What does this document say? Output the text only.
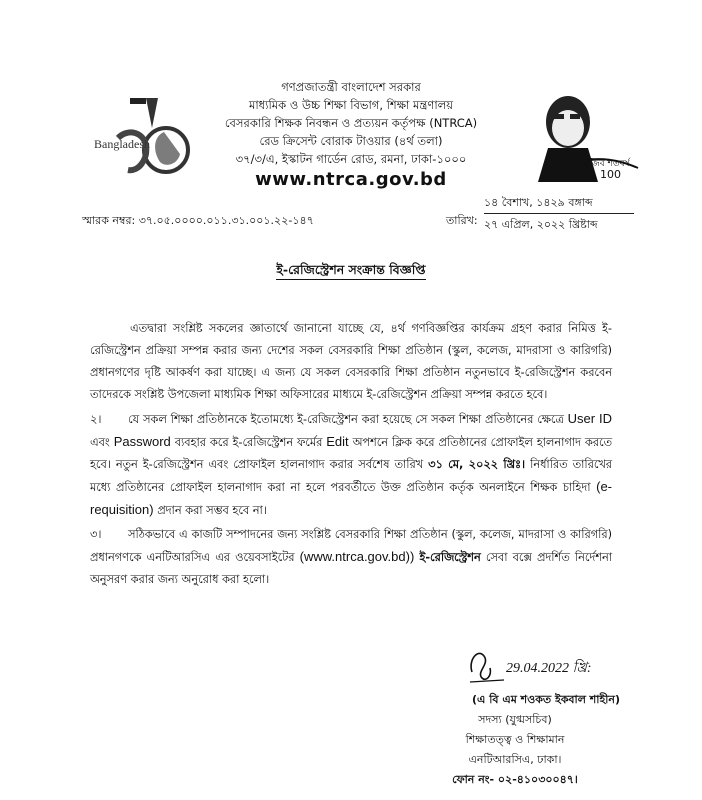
Bangladesh
100
মুজিব শতবর্ষ
গণপ্রজাতন্ত্রী বাংলাদেশ সরকার
মাধ্যমিক ও উচ্চ শিক্ষা বিভাগ, শিক্ষা মন্ত্রণালয়
বেসরকারি শিক্ষক নিবন্ধন ও প্রত্যয়ন কর্তৃপক্ষ (NTRCA)
রেড ক্রিসেন্ট বোরাক টাওয়ার (৪র্থ তলা)
৩৭/৩/এ, ইস্কাটন গার্ডেন রোড, রমনা, ঢাকা-১০০০
www.ntrca.gov.bd
স্মারক নম্বর: ৩৭.০৫.০০০০.০১১.৩১.০০১.২২-১৪৭	তারিখ:
১৪ বৈশাখ, ১৪২৯ বঙ্গাব্দ
২৭ এপ্রিল, ২০২২ খ্রিষ্টাব্দ
ই-রেজিস্ট্রেশন সংক্রান্ত বিজ্ঞপ্তি

এতদ্বারা সংশ্লিষ্ট সকলের জ্ঞাতার্থে জানানো যাচ্ছে যে, ৪র্থ গণবিজ্ঞপ্তির কার্যক্রম গ্রহণ করার নিমিত্ত ই-রেজিস্ট্রেশন প্রক্রিয়া সম্পন্ন করার জন্য দেশের সকল বেসরকারি শিক্ষা প্রতিষ্ঠান (স্কুল, কলেজ, মাদরাসা ও কারিগরি) প্রধানগণের দৃষ্টি আকর্ষণ করা যাচ্ছে। এ জন্য যে সকল বেসরকারি শিক্ষা প্রতিষ্ঠান নতুনভাবে ই-রেজিস্ট্রেশন করবেন তাদেরকে সংশ্লিষ্ট উপজেলা মাধ্যমিক শিক্ষা অফিসারের মাধ্যমে ই-রেজিস্ট্রেশন প্রক্রিয়া সম্পন্ন করতে হবে।

২। যে সকল শিক্ষা প্রতিষ্ঠানকে ইতোমধ্যে ই-রেজিস্ট্রেশন করা হয়েছে সে সকল শিক্ষা প্রতিষ্ঠানের ক্ষেত্রে User ID এবং Password ব্যবহার করে ই-রেজিস্ট্রেশন ফর্মের Edit অপশনে ক্লিক করে প্রতিষ্ঠানের প্রোফাইল হালনাগাদ করতে হবে। নতুন ই-রেজিস্ট্রেশন এবং প্রোফাইল হালনাগাদ করার সর্বশেষ তারিখ ৩১ মে, ২০২২ খ্রিঃ। নির্ধারিত তারিখের মধ্যে প্রতিষ্ঠানের প্রোফাইল হালনাগাদ করা না হলে পরবর্তীতে উক্ত প্রতিষ্ঠান কর্তৃক অনলাইনে শিক্ষক চাহিদা (e-requisition) প্রদান করা সম্ভব হবে না।

৩। সঠিকভাবে এ কাজটি সম্পাদনের জন্য সংশ্লিষ্ট বেসরকারি শিক্ষা প্রতিষ্ঠান (স্কুল, কলেজ, মাদরাসা ও কারিগরি) প্রধানগণকে এনটিআরসিএ এর ওয়েবসাইটের (www.ntrca.gov.bd)) ই-রেজিস্ট্রেশন সেবা বক্সে প্রদর্শিত নির্দেশনা অনুসরণ করার জন্য অনুরোধ করা হলো।

29.04.2022 খ্রি:
(এ বি এম শওকত ইকবাল শাহীন)
সদস্য (যুগ্মসচিব)
শিক্ষাতত্ত্ব ও শিক্ষামান
এনটিআরসিএ, ঢাকা।
ফোন নং- ০২-৪১০৩০০৪৭।
